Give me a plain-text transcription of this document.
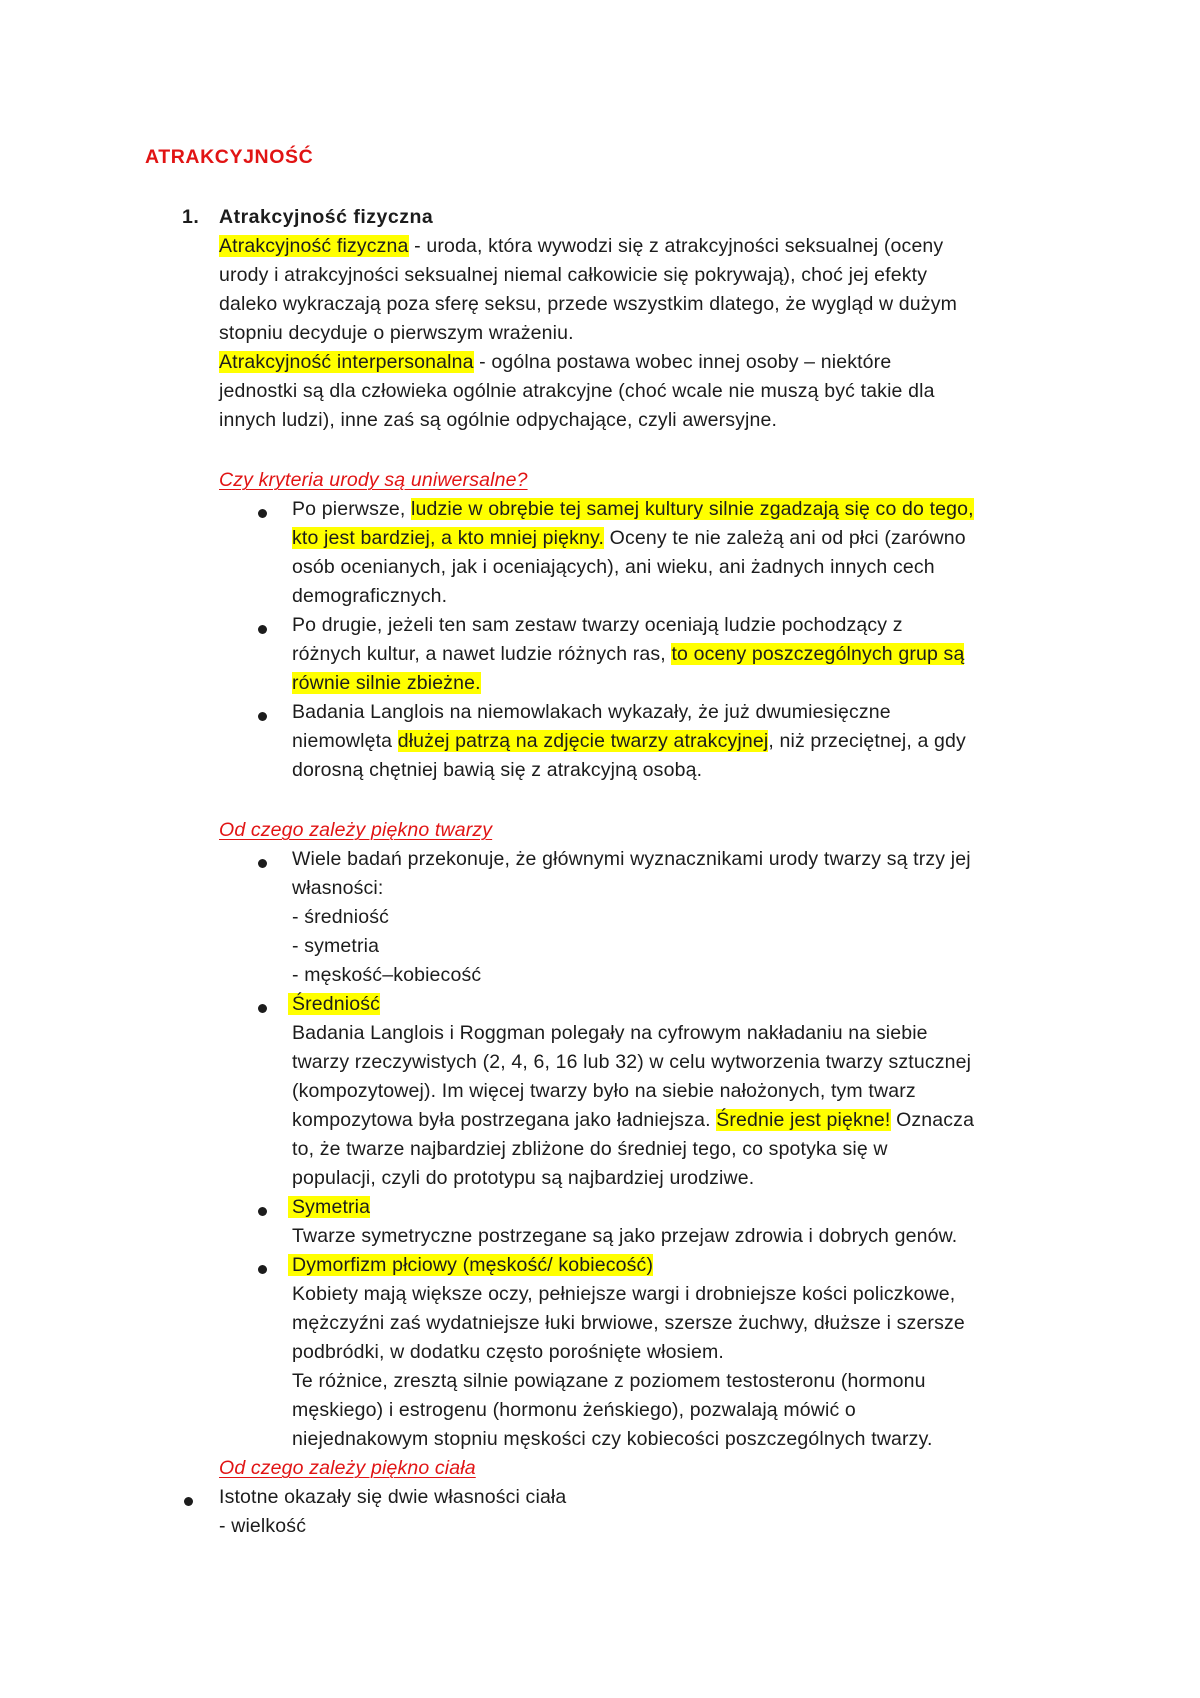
ATRAKCYJNOŚĆ
1. Atrakcyjność fizyczna
Atrakcyjność fizyczna - uroda, która wywodzi się z atrakcyjności seksualnej (oceny
urody i atrakcyjności seksualnej niemal całkowicie się pokrywają), choć jej efekty
daleko wykraczają poza sferę seksu, przede wszystkim dlatego, że wygląd w dużym
stopniu decyduje o pierwszym wrażeniu.
Atrakcyjność interpersonalna - ogólna postawa wobec innej osoby – niektóre
jednostki są dla człowieka ogólnie atrakcyjne (choć wcale nie muszą być takie dla
innych ludzi), inne zaś są ogólnie odpychające, czyli awersyjne.
Czy kryteria urody są uniwersalne?
Po pierwsze, ludzie w obrębie tej samej kultury silnie zgadzają się co do tego,
kto jest bardziej, a kto mniej piękny. Oceny te nie zależą ani od płci (zarówno
osób ocenianych, jak i oceniających), ani wieku, ani żadnych innych cech
demograficznych.
Po drugie, jeżeli ten sam zestaw twarzy oceniają ludzie pochodzący z
różnych kultur, a nawet ludzie różnych ras, to oceny poszczególnych grup są
równie silnie zbieżne.
Badania Langlois na niemowlakach wykazały, że już dwumiesięczne
niemowlęta dłużej patrzą na zdjęcie twarzy atrakcyjnej, niż przeciętnej, a gdy
dorosną chętniej bawią się z atrakcyjną osobą.
Od czego zależy piękno twarzy
Wiele badań przekonuje, że głównymi wyznacznikami urody twarzy są trzy jej
własności:
- średniość
- symetria
- męskość–kobiecość
Średniość
Badania Langlois i Roggman polegały na cyfrowym nakładaniu na siebie
twarzy rzeczywistych (2, 4, 6, 16 lub 32) w celu wytworzenia twarzy sztucznej
(kompozytowej). Im więcej twarzy było na siebie nałożonych, tym twarz
kompozytowa była postrzegana jako ładniejsza. Średnie jest piękne! Oznacza
to, że twarze najbardziej zbliżone do średniej tego, co spotyka się w
populacji, czyli do prototypu są najbardziej urodziwe.
Symetria
Twarze symetryczne postrzegane są jako przejaw zdrowia i dobrych genów.
Dymorfizm płciowy (męskość/ kobiecość)
Kobiety mają większe oczy, pełniejsze wargi i drobniejsze kości policzkowe,
mężczyźni zaś wydatniejsze łuki brwiowe, szersze żuchwy, dłuższe i szersze
podbródki, w dodatku często porośnięte włosiem.
Te różnice, zresztą silnie powiązane z poziomem testosteronu (hormonu
męskiego) i estrogenu (hormonu żeńskiego), pozwalają mówić o
niejednakowym stopniu męskości czy kobiecości poszczególnych twarzy.
Od czego zależy piękno ciała
Istotne okazały się dwie własności ciała
- wielkość
